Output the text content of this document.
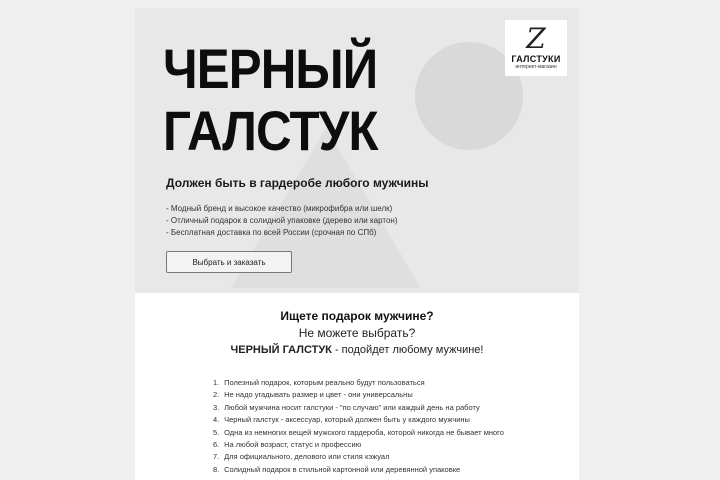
Z
ГАЛСТУКИ
интернет-магазин
ЧЕРНЫЙ
ГАЛСТУК

Должен быть в гардеробе любого мужчины

- Модный бренд и высокое качество (микрофибра или шелк)
- Отличный подарок в солидной упаковке (дерево или картон)
- Бесплатная доставка по всей России (срочная по СПб)
Выбрать и заказать

Ищете подарок мужчине?

Не можете выбрать?

ЧЕРНЫЙ ГАЛСТУК - подойдет любому мужчине!

1. Полезный подарок, которым реально будут пользоваться
2. Не надо угадывать размер и цвет - они универсальны
3. Любой мужчина носит галстуки - "по случаю" или каждый день на работу
4. Черный галстук - аксессуар, который должен быть у каждого мужчины
5. Одна из немногих вещей мужского гардероба, которой никогда не бывает много
6. На любой возраст, статус и профессию
7. Для официального, делового или стиля кэжуал
8. Солидный подарок в стильной картонной или деревянной упаковке
